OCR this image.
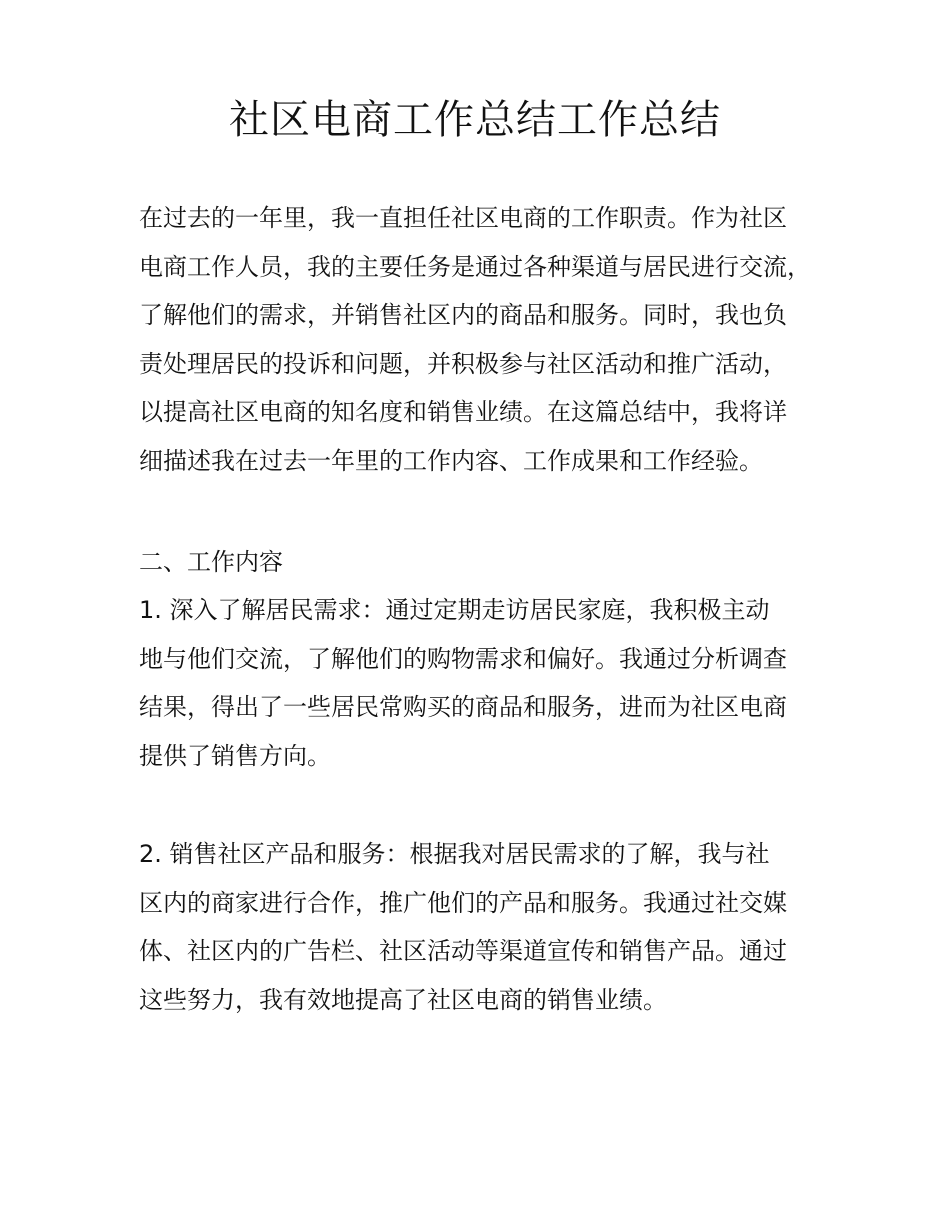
社区电商工作总结工作总结
在过去的一年里，我一直担任社区电商的工作职责。作为社区
电商工作人员，我的主要任务是通过各种渠道与居民进行交流，
了解他们的需求，并销售社区内的商品和服务。同时，我也负
责处理居民的投诉和问题，并积极参与社区活动和推广活动，
以提高社区电商的知名度和销售业绩。在这篇总结中，我将详
细描述我在过去一年里的工作内容、工作成果和工作经验。
二、工作内容
1. 深入了解居民需求：通过定期走访居民家庭，我积极主动
地与他们交流，了解他们的购物需求和偏好。我通过分析调查
结果，得出了一些居民常购买的商品和服务，进而为社区电商
提供了销售方向。
2. 销售社区产品和服务：根据我对居民需求的了解，我与社
区内的商家进行合作，推广他们的产品和服务。我通过社交媒
体、社区内的广告栏、社区活动等渠道宣传和销售产品。通过
这些努力，我有效地提高了社区电商的销售业绩。
